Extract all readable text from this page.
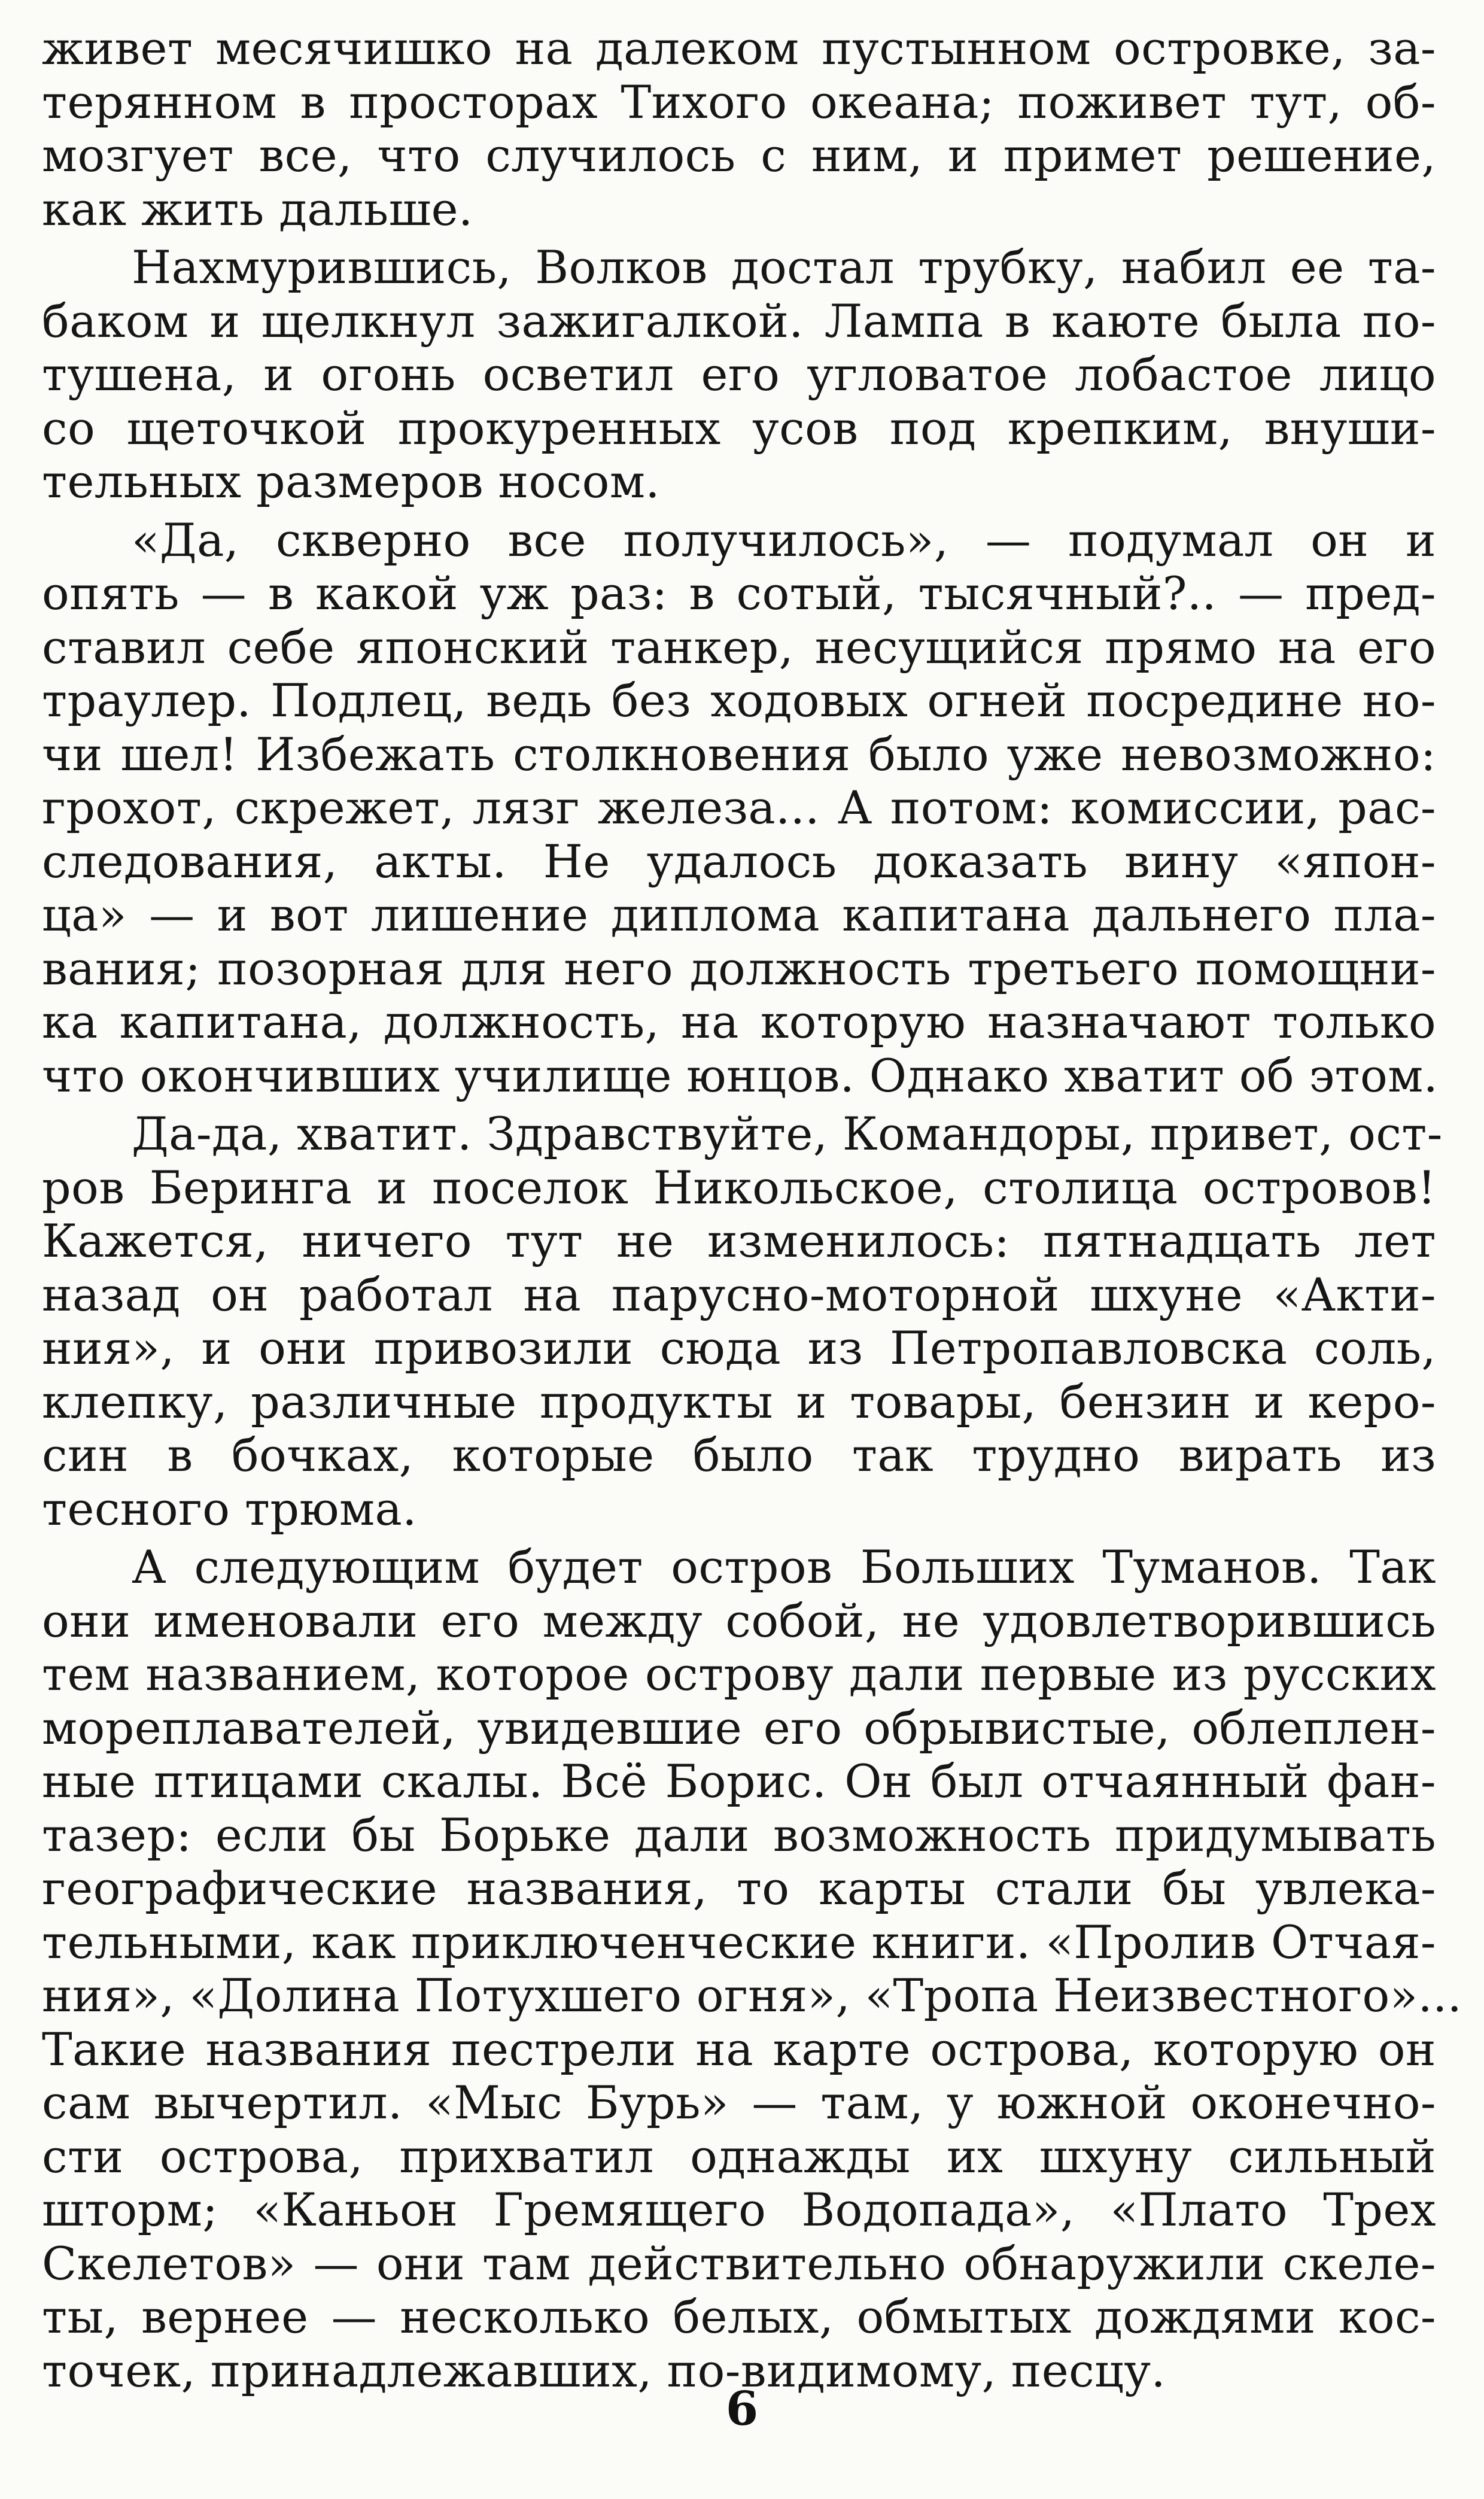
живет месячишко на далеком пустынном островке, за-
терянном в просторах Тихого океана; поживет тут, об-
мозгует все, что случилось с ним, и примет решение,
как жить дальше.
Нахмурившись, Волков достал трубку, набил ее та-
баком и щелкнул зажигалкой. Лампа в каюте была по-
тушена, и огонь осветил его угловатое лобастое лицо
со щеточкой прокуренных усов под крепким, внуши-
тельных размеров носом.
«Да, скверно все получилось», — подумал он и
опять — в какой уж раз: в сотый, тысячный?.. — пред-
ставил себе японский танкер, несущийся прямо на его
траулер. Подлец, ведь без ходовых огней посредине но-
чи шел! Избежать столкновения было уже невозможно:
грохот, скрежет, лязг железа... А потом: комиссии, рас-
следования, акты. Не удалось доказать вину «япон-
ца» — и вот лишение диплома капитана дальнего пла-
вания; позорная для него должность третьего помощни-
ка капитана, должность, на которую назначают только
что окончивших училище юнцов. Однако хватит об этом.
Да-да, хватит. Здравствуйте, Командоры, привет, ост-
ров Беринга и поселок Никольское, столица островов!
Кажется, ничего тут не изменилось: пятнадцать лет
назад он работал на парусно-моторной шхуне «Акти-
ния», и они привозили сюда из Петропавловска соль,
клепку, различные продукты и товары, бензин и керо-
син в бочках, которые было так трудно вирать из
тесного трюма.
А следующим будет остров Больших Туманов. Так
они именовали его между собой, не удовлетворившись
тем названием, которое острову дали первые из русских
мореплавателей, увидевшие его обрывистые, облеплен-
ные птицами скалы. Всё Борис. Он был отчаянный фан-
тазер: если бы Борьке дали возможность придумывать
географические названия, то карты стали бы увлека-
тельными, как приключенческие книги. «Пролив Отчая-
ния», «Долина Потухшего огня», «Тропа Неизвестного»...
Такие названия пестрели на карте острова, которую он
сам вычертил. «Мыс Бурь» — там, у южной оконечно-
сти острова, прихватил однажды их шхуну сильный
шторм; «Каньон Гремящего Водопада», «Плато Трех
Скелетов» — они там действительно обнаружили скеле-
ты, вернее — несколько белых, обмытых дождями кос-
точек, принадлежавших, по-видимому, песцу.
6
